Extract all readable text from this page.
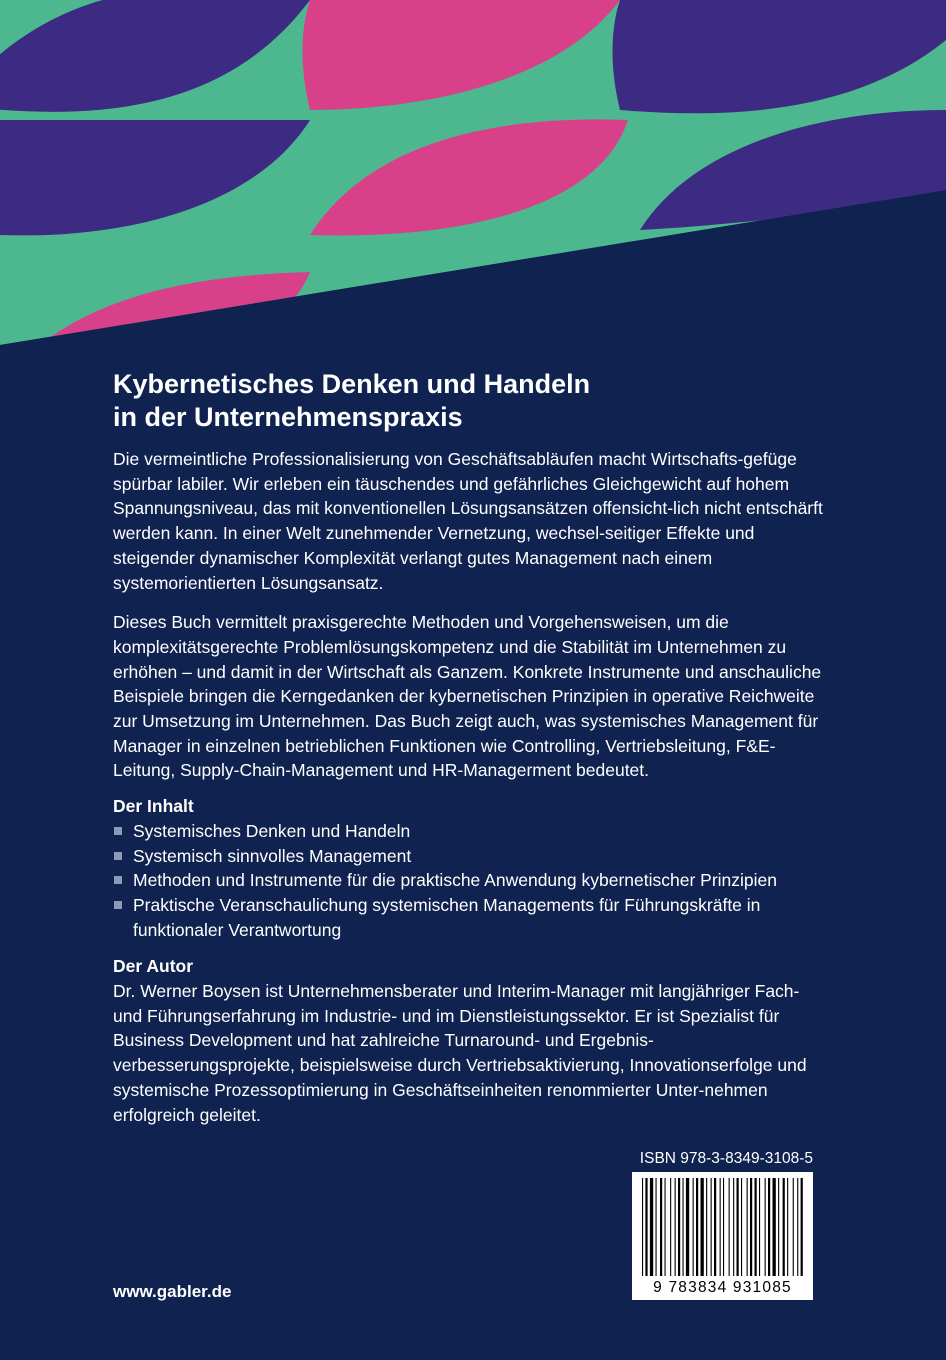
Kybernetisches Denken und Handeln
in der Unternehmenspraxis

Die vermeintliche Professionalisierung von Geschäftsabläufen macht Wirtschafts-gefüge spürbar labiler. Wir erleben ein täuschendes und gefährliches Gleichgewicht auf hohem Spannungsniveau, das mit konventionellen Lösungsansätzen offensicht-lich nicht entschärft werden kann. In einer Welt zunehmender Vernetzung, wechsel-seitiger Effekte und steigender dynamischer Komplexität verlangt gutes Management nach einem systemorientierten Lösungsansatz.

Dieses Buch vermittelt praxisgerechte Methoden und Vorgehensweisen, um die komplexitätsgerechte Problemlösungskompetenz und die Stabilität im Unternehmen zu erhöhen – und damit in der Wirtschaft als Ganzem. Konkrete Instrumente und anschauliche Beispiele bringen die Kerngedanken der kybernetischen Prinzipien in operative Reichweite zur Umsetzung im Unternehmen. Das Buch zeigt auch, was systemisches Management für Manager in einzelnen betrieblichen Funktionen wie Controlling, Vertriebsleitung, F&E-Leitung, Supply-Chain-Management und HR-Managerment bedeutet.

Der Inhalt
Systemisches Denken und Handeln
Systemisch sinnvolles Management
Methoden und Instrumente für die praktische Anwendung kybernetischer Prinzipien
Praktische Veranschaulichung systemischen Managements für Führungskräfte in funktionaler Verantwortung
Der Autor

Dr. Werner Boysen ist Unternehmensberater und Interim-Manager mit langjähriger Fach- und Führungserfahrung im Industrie- und im Dienstleistungssektor. Er ist Spezialist für Business Development und hat zahlreiche Turnaround- und Ergebnis-verbesserungsprojekte, beispielsweise durch Vertriebsaktivierung, Innovationserfolge und systemische Prozessoptimierung in Geschäftseinheiten renommierter Unter-nehmen erfolgreich geleitet.

ISBN 978-3-8349-3108-5
9 783834 931085
www.gabler.de
